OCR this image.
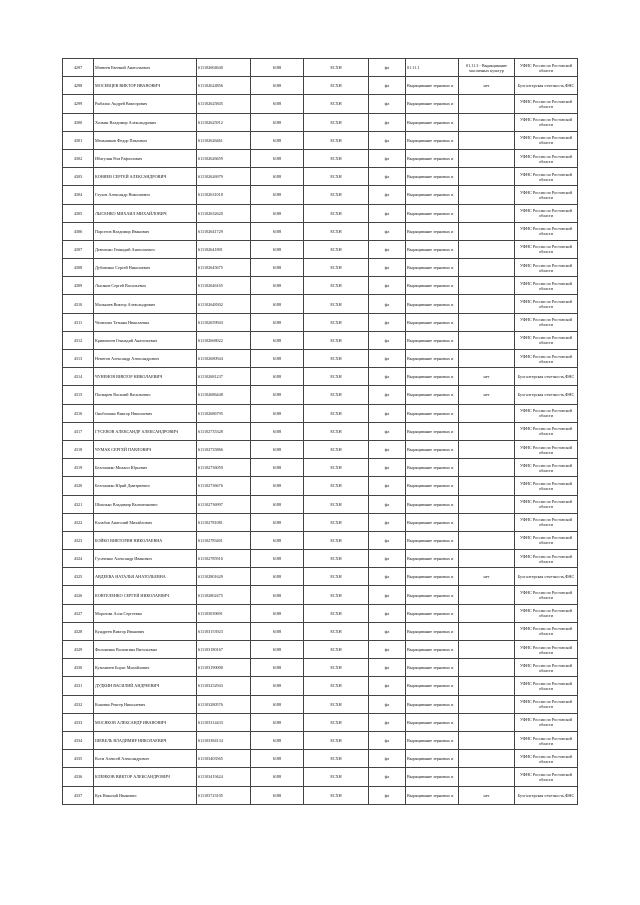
4297	Матвеев Евгений Анатольевич	611102604640	6188	ЕСХН	фл	01.11.1	01.11.3 - Выращивание масличных культур	УФНС России по Ростовской области
4298	МОСЕВЦЕВ ВИКТОР ИВАНОВИЧ	611102624856	6188	ЕСХН	фл	Выращивание зерновых и	нет	Бухгалтерская отчетность,ФНС
4299	Рыбалко Андрей Викторович	611102625845	6188	ЕСХН	фл	Выращивание зерновых и		УФНС России по Ростовской области
4300	Холкин Владимир Александрович	611102625912	6188	ЕСХН	фл	Выращивание зерновых и		УФНС России по Ростовской области
4301	Меньшиков Федор Павлович	611102626461	6188	ЕСХН	фл	Выращивание зерновых и		УФНС России по Ростовской области
4302	Ибатулин Ром Рафаэлович	611102626659	6188	ЕСХН	фл	Выращивание зерновых и		УФНС России по Ростовской области
4303	КОНЯЕВ СЕРГЕЙ АЛЕКСАНДРОВИЧ	611102626979	6188	ЕСХН	фл	Выращивание зерновых и		УФНС России по Ростовской области
4304	Глухов Александр Николаевич	611102631018	6188	ЕСХН	фл	Выращивание зерновых и		УФНС России по Ростовской области
4305	ЛЫСЕНКО МИХАИЛ МИХАЙЛОВИЧ	611102632620	6188	ЕСХН	фл	Выращивание зерновых и		УФНС России по Ростовской области
4306	Парсегов Владимир Иванович	611102641729	6188	ЕСХН	фл	Выращивание зерновых и		УФНС России по Ростовской области
4307	Демченко Геннадий Анатольевич	611102641801	6188	ЕСХН	фл	Выращивание зерновых и		УФНС России по Ростовской области
4308	Дубовенко Сергей Николаевич	611102645675	6188	ЕСХН	фл	Выращивание зерновых и		УФНС России по Ростовской области
4309	Лысаков Сергей Васильевич	611102646165	6188	ЕСХН	фл	Выращивание зерновых и		УФНС России по Ростовской области
4310	Малышев Виктор Александрович	611102648302	6188	ЕСХН	фл	Выращивание зерновых и		УФНС России по Ростовской области
4311	Чепилова Татьяна Николаевна	611102659943	6188	ЕСХН	фл	Выращивание зерновых и		УФНС России по Ростовской области
4312	Кривошеев Геннадий Анатольевич	611102668022	6188	ЕСХН	фл	Выращивание зерновых и		УФНС России по Ростовской области
4313	Немегов Александр Александрович	611102680944	6188	ЕСХН	фл	Выращивание зерновых и		УФНС России по Ростовской области
4314	ЧУНЕНОВ ВИКТОР НИКОЛАЕВИЧ	611102681237	6188	ЕСХН	фл	Выращивание зерновых и	нет	Бухгалтерская отчетность,ФНС
4315	Пасмарев Василий Васильевич	611102686448	6188	ЕСХН	фл	Выращивание зерновых и	нет	Бухгалтерская отчетность,ФНС
4316	Оноблишко Виктор Николаевич	611102686795	6188	ЕСХН	фл	Выращивание зерновых и		УФНС России по Ростовской области
4317	ГУСЕВОВ АЛЕКСАНДР АЛЕКСАНДРОВИЧ	611102735328	6188	ЕСХН	фл	Выращивание зерновых и		УФНС России по Ростовской области
4318	ЧУМАК СЕРГЕЙ ПАВЛОВИЧ	611102735866	6188	ЕСХН	фл	Выращивание зерновых и		УФНС России по Ростовской области
4319	Белоножко Михаил Юрьевич	611102736059	6188	ЕСХН	фл	Выращивание зерновых и		УФНС России по Ростовской области
4320	Белоножко Юрий Дмитриевич	611102736676	6188	ЕСХН	фл	Выращивание зерновых и		УФНС России по Ростовской области
4321	Шмалько Владимир Валентинович	611102736997	6188	ЕСХН	фл	Выращивание зерновых и		УФНС России по Ростовской области
4322	Кальбов Анатолий Михайлович	611102781081	6188	ЕСХН	фл	Выращивание зерновых и		УФНС России по Ростовской области
4323	БОЙКО ВИКТОРИЯ НИКОЛАЕВНА	611102783401	6188	ЕСХН	фл	Выращивание зерновых и		УФНС России по Ростовской области
4324	Гусаченко Александр Иванович	611102785916	6188	ЕСХН	фл	Выращивание зерновых и		УФНС России по Ростовской области
4325	АВДЕЕВА НАТАЛЬЯ АНАТОЛЬЕВНА	611102801629	6188	ЕСХН	фл	Выращивание зерновых и	нет	Бухгалтерская отчетность,ФНС
4326	КОВТЕЛЕНКО СЕРГЕЙ НИКОЛАЕВИЧ	611102802475	6188	ЕСХН	фл	Выращивание зерновых и		УФНС России по Ростовской области
4327	Морозова Алла Сергеевна	611103039691	6188	ЕСХН	фл	Выращивание зерновых и		УФНС России по Ростовской области
4328	Кундреев Виктор Иванович	611103153923	6188	ЕСХН	фл	Выращивание зерновых и		УФНС России по Ростовской области
4329	Филоненко Валентина Витальевна	611103180167	6188	ЕСХН	фл	Выращивание зерновых и		УФНС России по Ростовской области
4330	Кузьмичев Борис Михайлович	611103190000	6188	ЕСХН	фл	Выращивание зерновых и		УФНС России по Ростовской области
4331	ДУДКИН ВАСИЛИЙ АНДРЕЕВИЧ	611103252943	6188	ЕСХН	фл	Выращивание зерновых и		УФНС России по Ростовской области
4332	Коновко Ренгер Николаевич	611103280576	6188	ЕСХН	фл	Выращивание зерновых и		УФНС России по Ростовской области
4333	МОСЯКОВ АЛЕКСАНДР ИВАНОВИЧ	611103314433	6188	ЕСХН	фл	Выращивание зерновых и		УФНС России по Ростовской области
4334	ШЕВЕЛЬ ВЛАДИМИР НИКОЛАЕВИЧ	611103384134	6188	ЕСХН	фл	Выращивание зерновых и		УФНС России по Ростовской области
4335	Косм Алексей Александрович	611103403565	6188	ЕСХН	фл	Выращивание зерновых и		УФНС России по Ростовской области
4336	КЛЕНКОВ ВИКТОР АЛЕКСАНДРОВИЧ	611103419424	6188	ЕСХН	фл	Выращивание зерновых и		УФНС России по Ростовской области
4337	Кук Николай Иванович	611103723105	6188	ЕСХН	фл	Выращивание зерновых и	нет	Бухгалтерская отчетность,ФНС
